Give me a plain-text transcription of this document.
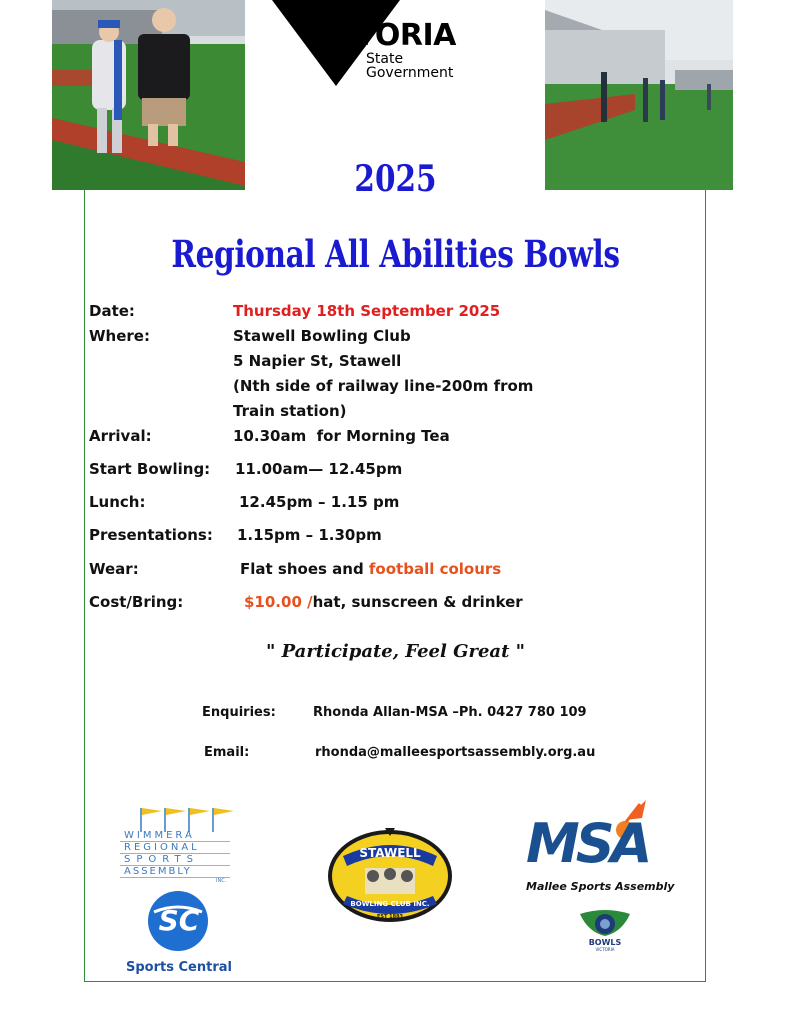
VICTORIA
State
Government
2025
Regional All Abilities Bowls
Date:	Thursday 18th September 2025
Where:	Stawell Bowling Club
5 Napier St, Stawell
(Nth side of railway line-200m from
Train station)
Arrival:	10.30am  for Morning Tea
Start Bowling: 11.00am— 12.45pm
Lunch:	12.45pm – 1.15 pm
Presentations: 1.15pm – 1.30pm
Wear:	Flat shoes and football colours
Cost/Bring:	$10.00 /hat, sunscreen & drinker
" Participate, Feel Great "
Enquiries:	Rhonda Allan-MSA –Ph. 0427 780 109
Email:	rhonda@malleesportsassembly.org.au
WIMMERA
REGIONAL
SPORTS
ASSEMBLY
INC.
SC
Sports Central
STAWELL
BOWLING CLUB INC.
EST 1883
MSA
Mallee Sports Assembly
BOWLS
VICTORIA
